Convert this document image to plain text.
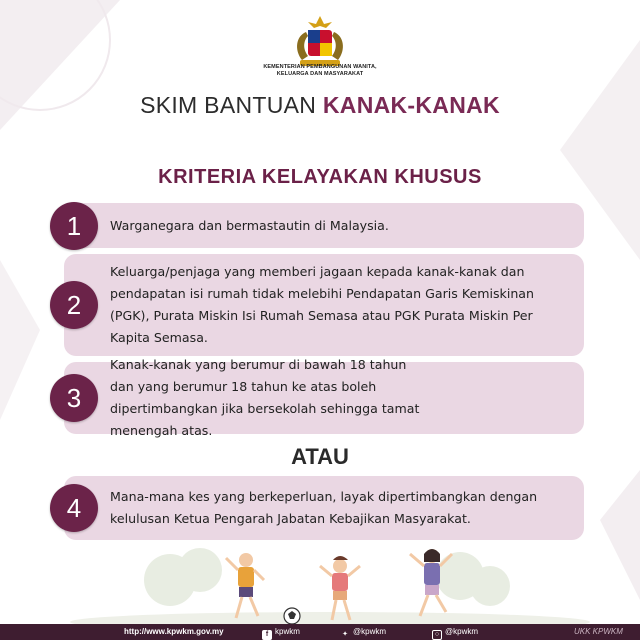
KEMENTERIAN PEMBANGUNAN WANITA,
KELUARGA DAN MASYARAKAT
SKIM BANTUAN KANAK-KANAK
KRITERIA KELAYAKAN KHUSUS
1	Warganegara dan bermastautin di Malaysia.
2
Keluarga/penjaga yang memberi jagaan kepada kanak-kanak dan pendapatan isi rumah tidak melebihi Pendapatan Garis Kemiskinan (PGK), Purata Miskin Isi Rumah Semasa atau PGK Purata Miskin Per Kapita Semasa.
3
Kanak-kanak yang berumur di bawah 18 tahun dan yang berumur 18 tahun ke atas boleh dipertimbangkan jika bersekolah sehingga tamat menengah atas.
ATAU
4	Mana-mana kes yang berkeperluan, layak dipertimbangkan dengan kelulusan Ketua Pengarah Jabatan Kebajikan Masyarakat.
http://www.kpwkm.gov.my	f kpwkm	✦ @kpwkm	○ @kpwkm	UKK KPWKM
